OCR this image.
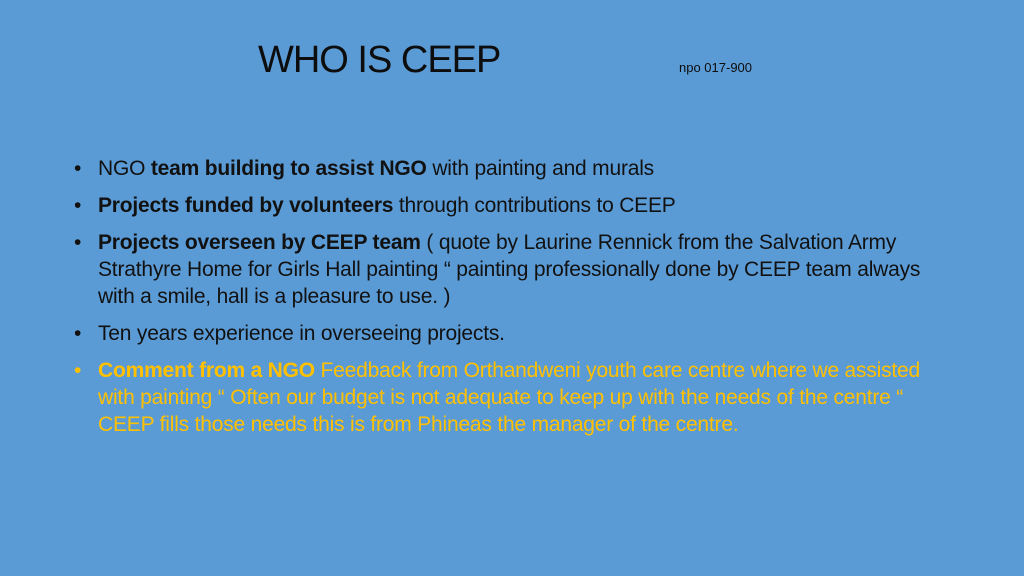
WHO IS CEEP	npo 017-900
• NGO team building to assist NGO with painting and murals
• Projects funded by volunteers through contributions to CEEP
• Projects overseen by CEEP team ( quote by Laurine Rennick from the Salvation Army Strathyre Home for Girls Hall painting “ painting professionally done by CEEP team always with a smile, hall is a pleasure to use. )
• Ten years experience in overseeing projects.
• Comment from a NGO Feedback from Orthandweni youth care centre where we assisted with painting “ Often our budget is not adequate to keep up with the needs of the centre “ CEEP fills those needs this is from Phineas the manager of the centre.
